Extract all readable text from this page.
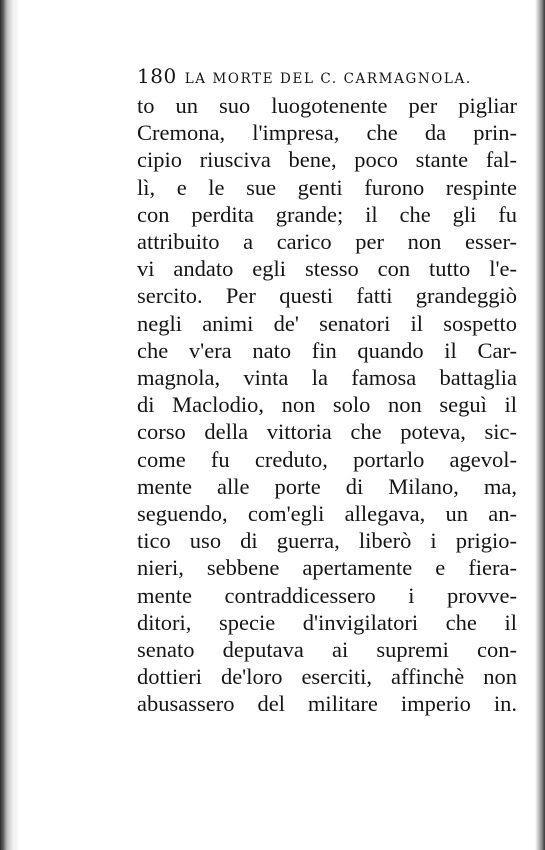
180 LA MORTE DEL C. CARMAGNOLA.
to un suo luogotenente per pigliar
Cremona, l'impresa, che da prin-
cipio riusciva bene, poco stante fal-
lì, e le sue genti furono respinte
con perdita grande; il che gli fu
attribuito a carico per non esser-
vi andato egli stesso con tutto l'e-
sercito. Per questi fatti grandeggiò
negli animi de' senatori il sospetto
che v'era nato fin quando il Car-
magnola, vinta la famosa battaglia
di Maclodio, non solo non seguì il
corso della vittoria che poteva, sic-
come fu creduto, portarlo agevol-
mente alle porte di Milano, ma,
seguendo, com'egli allegava, un an-
tico uso di guerra, liberò i prigio-
nieri, sebbene apertamente e fiera-
mente contraddicessero i provve-
ditori, specie d'invigilatori che il
senato deputava ai supremi con-
dottieri de'loro eserciti, affinchè non
abusassero del militare imperio in.
